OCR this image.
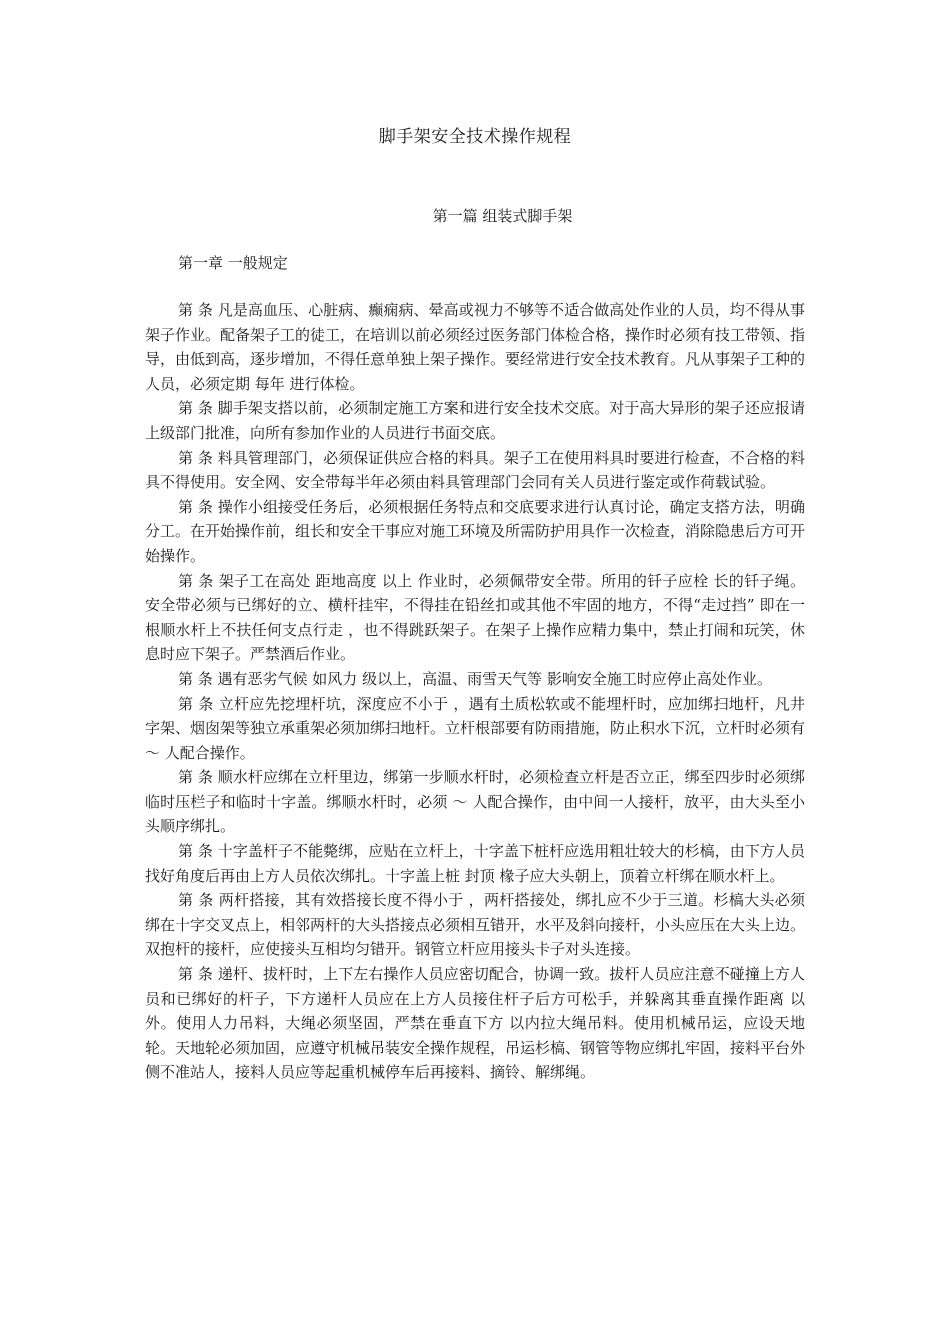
脚手架安全技术操作规程
第一篇 组装式脚手架
第一章 一般规定

第 条 凡是高血压、心脏病、癫痫病、晕高或视力不够等不适合做高处作业的人员，均不得从事架子作业。配备架子工的徒工，在培训以前必须经过医务部门体检合格，操作时必须有技工带领、指导，由低到高，逐步增加，不得任意单独上架子操作。要经常进行安全技术教育。凡从事架子工种的人员，必须定期 每年 进行体检。

第 条 脚手架支搭以前，必须制定施工方案和进行安全技术交底。对于高大异形的架子还应报请上级部门批准，向所有参加作业的人员进行书面交底。

第 条 料具管理部门，必须保证供应合格的料具。架子工在使用料具时要进行检查，不合格的料具不得使用。安全网、安全带每半年必须由料具管理部门会同有关人员进行鉴定或作荷载试验。

第 条 操作小组接受任务后，必须根据任务特点和交底要求进行认真讨论，确定支搭方法，明确分工。在开始操作前，组长和安全干事应对施工环境及所需防护用具作一次检查，消除隐患后方可开始操作。

第 条 架子工在高处 距地高度 以上 作业时，必须佩带安全带。所用的钎子应栓 长的钎子绳。安全带必须与已绑好的立、横杆挂牢，不得挂在铅丝扣或其他不牢固的地方，不得“走过挡” 即在一根顺水杆上不扶任何支点行走 ，也不得跳跃架子。在架子上操作应精力集中，禁止打闹和玩笑，休息时应下架子。严禁酒后作业。

第 条 遇有恶劣气候 如风力 级以上，高温、雨雪天气等 影响安全施工时应停止高处作业。

第 条 立杆应先挖埋杆坑，深度应不小于 ，遇有土质松软或不能埋杆时，应加绑扫地杆，凡井字架、烟囱架等独立承重架必须加绑扫地杆。立杆根部要有防雨措施，防止积水下沉，立杆时必须有 ～ 人配合操作。

第 条 顺水杆应绑在立杆里边，绑第一步顺水杆时，必须检查立杆是否立正，绑至四步时必须绑临时压栏子和临时十字盖。绑顺水杆时，必须 ～ 人配合操作，由中间一人接杆，放平，由大头至小头顺序绑扎。

第 条 十字盖杆子不能斃绑，应贴在立杆上，十字盖下桩杆应选用粗壮较大的杉槁，由下方人员找好角度后再由上方人员依次绑扎。十字盖上桩 封顶 椽子应大头朝上，顶着立杆绑在顺水杆上。

第 条 两杆搭接，其有效搭接长度不得小于 ，两杆搭接处，绑扎应不少于三道。杉槁大头必须绑在十字交叉点上，相邻两杆的大头搭接点必须相互错开，水平及斜向接杆，小头应压在大头上边。双抱杆的接杆，应使接头互相均匀错开。钢管立杆应用接头卡子对头连接。

第 条 递杆、拔杆时，上下左右操作人员应密切配合，协调一致。拔杆人员应注意不碰撞上方人员和已绑好的杆子，下方递杆人员应在上方人员接住杆子后方可松手，并躲离其垂直操作距离 以外。使用人力吊料，大绳必须坚固，严禁在垂直下方 以内拉大绳吊料。使用机械吊运，应设天地轮。天地轮必须加固，应遵守机械吊装安全操作规程，吊运杉槁、钢管等物应绑扎牢固，接料平台外侧不准站人，接料人员应等起重机械停车后再接料、摘铃、解绑绳。
